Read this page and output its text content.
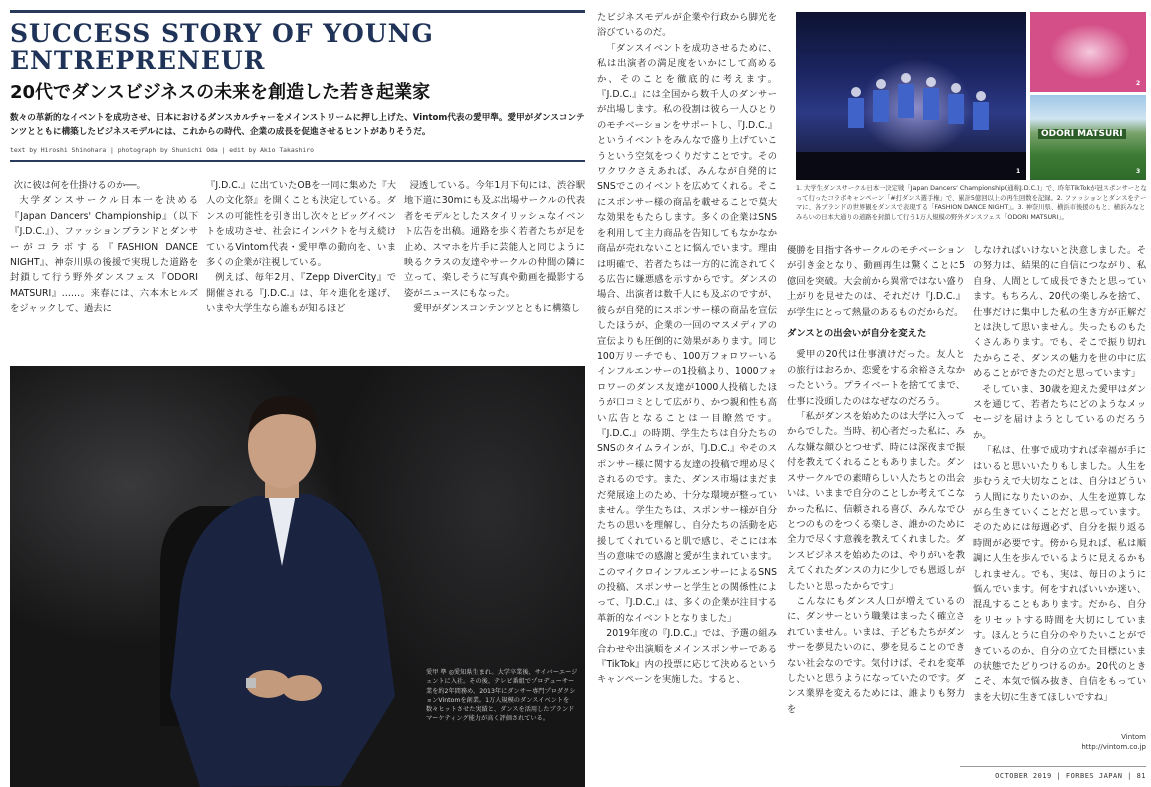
SUCCESS STORY OF YOUNG ENTREPRENEUR
20代でダンスビジネスの未来を創造した若き起業家
数々の革新的なイベントを成功させ、日本におけるダンスカルチャーをメインストリームに押し上げた、Vintom代表の愛甲準。愛甲がダンスコンテンツとともに構築したビジネスモデルには、これからの時代、企業の成長を促進させるヒントがありそうだ。
text by Hiroshi Shinohara | photograph by Shunichi Oda | edit by Akio Takashiro

次に彼は何を仕掛けるのか──。

大学ダンスサークル日本一を決める『Japan Dancers' Championship』（以下『J.D.C.』）、ファッションブランドとダンサーがコラボする『FASHION DANCE NIGHT』、神奈川県の後援で実現した道路を封鎖して行う野外ダンスフェス『ODORI MATSURI』……。来春には、六本木ヒルズをジャックして、過去に

『J.D.C.』に出ていたOBを一同に集めた『大人の文化祭』を開くことも決定している。ダンスの可能性を引き出し次々とビッグイベントを成功させ、社会にインパクトを与え続けているVintom代表・愛甲準の動向を、いま多くの企業が注視している。

例えば、毎年2月、『Zepp DiverCity』で開催される『J.D.C.』は、年々進化を遂げ、いまや大学生なら誰もが知るほど

浸透している。今年1月下旬には、渋谷駅地下道に30mにも及ぶ出場サークルの代表者をモデルとしたスタイリッシュなイベント広告を出稿。通路を歩く若者たちが足を止め、スマホを片手に芸能人と同じように映るクラスの友達やサークルの仲間の隣に立って、楽しそうに写真や動画を撮影する姿がニュースにもなった。

愛甲がダンスコンテンツとともに構築し

愛甲 準 ◎愛知県生まれ。大学卒業後、サイバーエージェントに入社。その後、テレビ番組でプロデューサー業を約2年間務め、2013年にダンサー専門プロダクションVintomを創業。1万人規模のダンスイベントを数々ヒットさせた実績と、ダンスを活用したブランドマーケティング能力が高く評価されている。

たビジネスモデルが企業や行政から脚光を浴びているのだ。

「ダンスイベントを成功させるために、私は出演者の満足度をいかにして高めるか、そのことを徹底的に考えます。『J.D.C.』には全国から数千人のダンサーが出場します。私の役割は彼ら一人ひとりのモチベーションをサポートし、『J.D.C.』というイベントをみんなで盛り上げていこうという空気をつくりだすことです。そのワクワクさえあれば、みんなが自発的にSNSでこのイベントを広めてくれる。そこにスポンサー様の商品を載せることで莫大な効果をもたらします。多くの企業はSNSを利用して主力商品を告知してもなかなか商品が売れないことに悩んでいます。理由は明確で、若者たちは一方的に流されてくる広告に嫌悪感を示すからです。ダンスの場合、出演者は数千人にも及ぶのですが、彼らが自発的にスポンサー様の商品を宣伝したほうが、企業の一回のマスメディアの宣伝よりも圧倒的に効果があります。同じ100万リーチでも、100万フォロワーいるインフルエンサーの1投稿より、1000フォロワーのダンス友達が1000人投稿したほうが口コミとして広がり、かつ親和性も高い広告となることは一目瞭然です。『J.D.C.』の時期、学生たちは自分たちのSNSのタイムラインが、『J.D.C.』やそのスポンサー様に関する友達の投稿で埋め尽くされるのです。また、ダンス市場はまだまだ発展途上のため、十分な環境が整っていません。学生たちは、スポンサー様が自分たちの思いを理解し、自分たちの活動を応援してくれていると肌で感じ、そこには本当の意味での感謝と愛が生まれています。このマイクロインフルエンサーによるSNSの投稿、スポンサーと学生との関係性によって、『J.D.C.』は、多くの企業が注目する革新的なイベントとなりました」

2019年度の『J.D.C.』では、予選の組み合わせや出演順をメインスポンサーである『TikTok』内の投票に応じて決めるというキャンペーンを実施した。すると、

1
2
ODORI MATSURI
3
1. 大学生ダンスサークル日本一決定戦「Japan Dancers' Championship(通称J.D.C.)」で、昨年TikTokが冠スポンサーとなって行ったコラボキャンペーン「#打ダンス選手権」で、累計5億回以上の再生回数を記録。2. ファッションとダンスをテーマに、各ブランドの世界観をダンスで表現する「FASHION DANCE NIGHT」。3. 神奈川県、横浜市後援のもと、横浜みなとみらいの日本大通りの道路を封鎖して行う1万人規模の野外ダンスフェス「ODORI MATSURI」。

優勝を目指す各サークルのモチベーションが引き金となり、動画再生は驚くことに5億回を突破。大会前から異常ではない盛り上がりを見せたのは、それだけ『J.D.C.』が学生にとって熱量のあるものだからだ。

ダンスとの出会いが自分を変えた

愛甲の20代は仕事漬けだった。友人との旅行はおろか、恋愛をする余裕さえなかったという。プライベートを捨ててまで、仕事に没頭したのはなぜなのだろう。

「私がダンスを始めたのは大学に入ってからでした。当時、初心者だった私に、みんな嫌な顔ひとつせず、時には深夜まで振付を教えてくれることもありました。ダンスサークルでの素晴らしい人たちとの出会いは、いままで自分のことしか考えてこなかった私に、信頼される喜び、みんなでひとつのものをつくる楽しさ、誰かのために全力で尽くす意義を教えてくれました。ダンスビジネスを始めたのは、やりがいを教えてくれたダンスの力に少しでも恩返しがしたいと思ったからです」

こんなにもダンス人口が増えているのに、ダンサーという職業はまったく確立されていません。いまは、子どもたちがダンサーを夢見たいのに、夢を見ることのできない社会なのです。気付けば、それを変革したいと思うようになっていたのです。ダンス業界を変えるためには、誰よりも努力を

しなければいけないと決意しました。その努力は、結果的に自信につながり、私自身、人間として成長できたと思っています。もちろん、20代の楽しみを捨て、仕事だけに集中した私の生き方が正解だとは決して思いません。失ったものもたくさんあります。でも、そこで振り切れたからこそ、ダンスの魅力を世の中に広めることができたのだと思っています」

そしていま、30歳を迎えた愛甲はダンスを通じて、若者たちにどのようなメッセージを届けようとしているのだろうか。

「私は、仕事で成功すれば幸福が手にはいると思いいたりもしました。人生を歩むうえで大切なことは、自分はどういう人間になりたいのか、人生を逆算しながら生きていくことだと思っています。そのためには毎週必ず、自分を振り返る時間が必要です。傍から見れば、私は順調に人生を歩んでいるように見えるかもしれません。でも、実は、毎日のように悩んでいます。何をすればいいか迷い、混乱することもあります。だから、自分をリセットする時間を大切にしています。ほんとうに自分のやりたいことができているのか、自分の立てた目標にいまの状態でたどりつけるのか。20代のときこそ、本気で悩み抜き、自信をもっていまを大切に生きてほしいですね」

Vintom
http://vintom.co.jp
OCTOBER 2019 | FORBES JAPAN | 81
